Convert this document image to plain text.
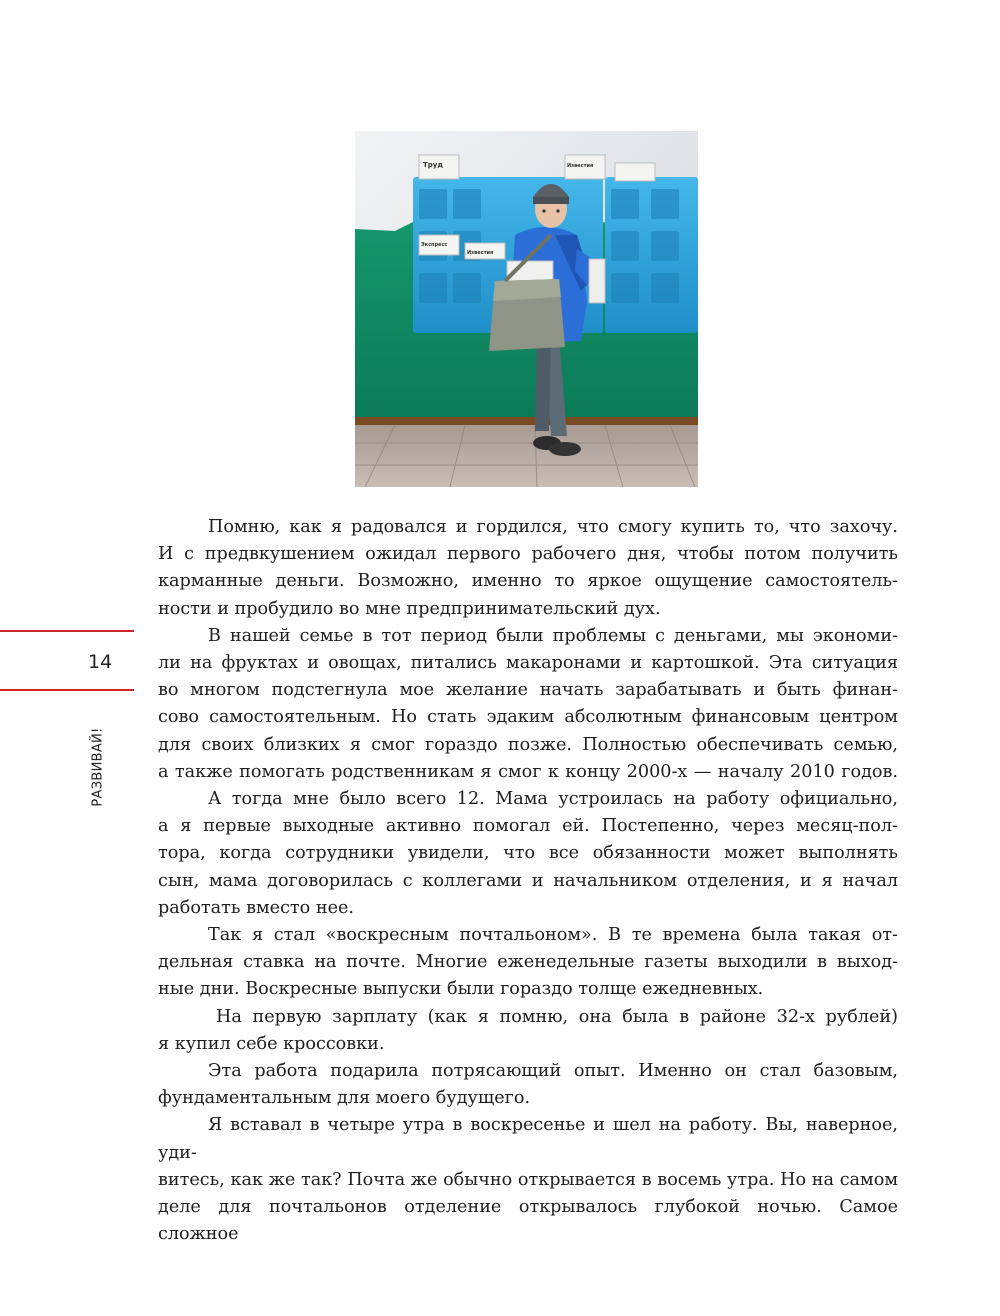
Труд
Экспресс
Известия
Известия
14
РАЗВИВАЙ!

Помню, как я радовался и гордился, что смогу купить то, что захочу.

И с предвкушением ожидал первого рабочего дня, чтобы потом получить

карманные деньги. Возможно, именно то яркое ощущение самостоятель-

ности и пробудило во мне предпринимательский дух.

В нашей семье в тот период были проблемы с деньгами, мы экономи-

ли на фруктах и овощах, питались макаронами и картошкой. Эта ситуация

во многом подстегнула мое желание начать зарабатывать и быть финан-

сово самостоятельным. Но стать эдаким абсолютным финансовым центром

для своих близких я смог гораздо позже. Полностью обеспечивать семью,

а также помогать родственникам я смог к концу 2000-х — началу 2010 годов.

А тогда мне было всего 12. Мама устроилась на работу официально,

а я первые выходные активно помогал ей. Постепенно, через месяц-пол-

тора, когда сотрудники увидели, что все обязанности может выполнять

сын, мама договорилась с коллегами и начальником отделения, и я начал

работать вместо нее.

Так я стал «воскресным почтальоном». В те времена была такая от-

дельная ставка на почте. Многие еженедельные газеты выходили в выход-

ные дни. Воскресные выпуски были гораздо толще ежедневных.

На первую зарплату (как я помню, она была в районе 32-х рублей)

я купил себе кроссовки.

Эта работа подарила потрясающий опыт. Именно он стал базовым,

фундаментальным для моего будущего.

Я вставал в четыре утра в воскресенье и шел на работу. Вы, наверное, уди-

витесь, как же так? Почта же обычно открывается в восемь утра. Но на самом

деле для почтальонов отделение открывалось глубокой ночью. Самое сложное
